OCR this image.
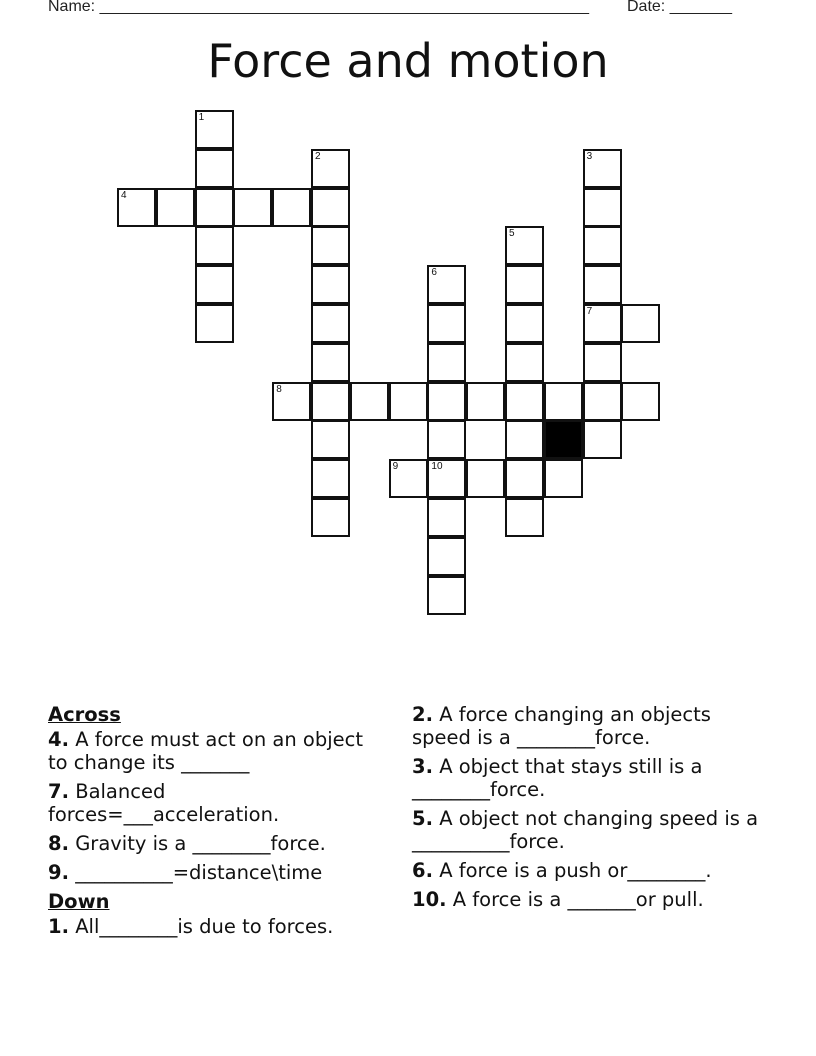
Name: _______________________________________________________ Date: _______
Force and motion
4
7
8
9	10
1
2	3
5
6
Across
4. A force must act on an object to change its _______
7. Balanced forces=___acceleration.
8. Gravity is a ________force.
9. __________=distance\time
Down
1. All________is due to forces.
2. A force changing an objects speed is a ________force.
3. A object that stays still is a ________force.
5. A object not changing speed is a __________force.
6. A force is a push or________.
10. A force is a _______or pull.
